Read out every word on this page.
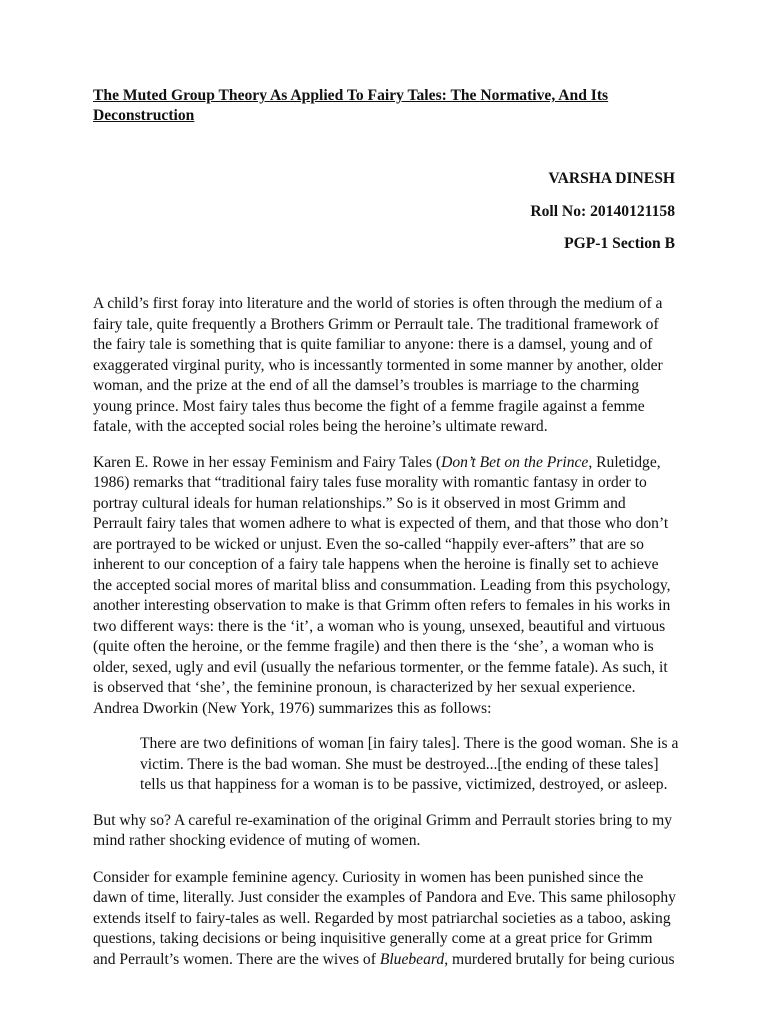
The Muted Group Theory As Applied To Fairy Tales: The Normative, And Its Deconstruction
VARSHA DINESH
Roll No: 20140121158
PGP-1 Section B

A child’s first foray into literature and the world of stories is often through the medium of a fairy tale, quite frequently a Brothers Grimm or Perrault tale. The traditional framework of the fairy tale is something that is quite familiar to anyone: there is a damsel, young and of exaggerated virginal purity, who is incessantly tormented in some manner by another, older woman, and the prize at the end of all the damsel’s troubles is marriage to the charming young prince. Most fairy tales thus become the fight of a femme fragile against a femme fatale, with the accepted social roles being the heroine’s ultimate reward.

Karen E. Rowe in her essay Feminism and Fairy Tales (Don’t Bet on the Prince, Ruletidge, 1986) remarks that “traditional fairy tales fuse morality with romantic fantasy in order to portray cultural ideals for human relationships.” So is it observed in most Grimm and Perrault fairy tales that women adhere to what is expected of them, and that those who don’t are portrayed to be wicked or unjust. Even the so-called “happily ever-afters” that are so inherent to our conception of a fairy tale happens when the heroine is finally set to achieve the accepted social mores of marital bliss and consummation. Leading from this psychology, another interesting observation to make is that Grimm often refers to females in his works in two different ways: there is the ‘it’, a woman who is young, unsexed, beautiful and virtuous (quite often the heroine, or the femme fragile) and then there is the ‘she’, a woman who is older, sexed, ugly and evil (usually the nefarious tormenter, or the femme fatale). As such, it is observed that ‘she’, the feminine pronoun, is characterized by her sexual experience. Andrea Dworkin (New York, 1976) summarizes this as follows:

There are two definitions of woman [in fairy tales]. There is the good woman. She is a victim. There is the bad woman. She must be destroyed...[the ending of these tales] tells us that happiness for a woman is to be passive, victimized, destroyed, or asleep.

But why so? A careful re-examination of the original Grimm and Perrault stories bring to my mind rather shocking evidence of muting of women.

Consider for example feminine agency. Curiosity in women has been punished since the dawn of time, literally. Just consider the examples of Pandora and Eve. This same philosophy extends itself to fairy-tales as well. Regarded by most patriarchal societies as a taboo, asking questions, taking decisions or being inquisitive generally come at a great price for Grimm and Perrault’s women. There are the wives of Bluebeard, murdered brutally for being curious
